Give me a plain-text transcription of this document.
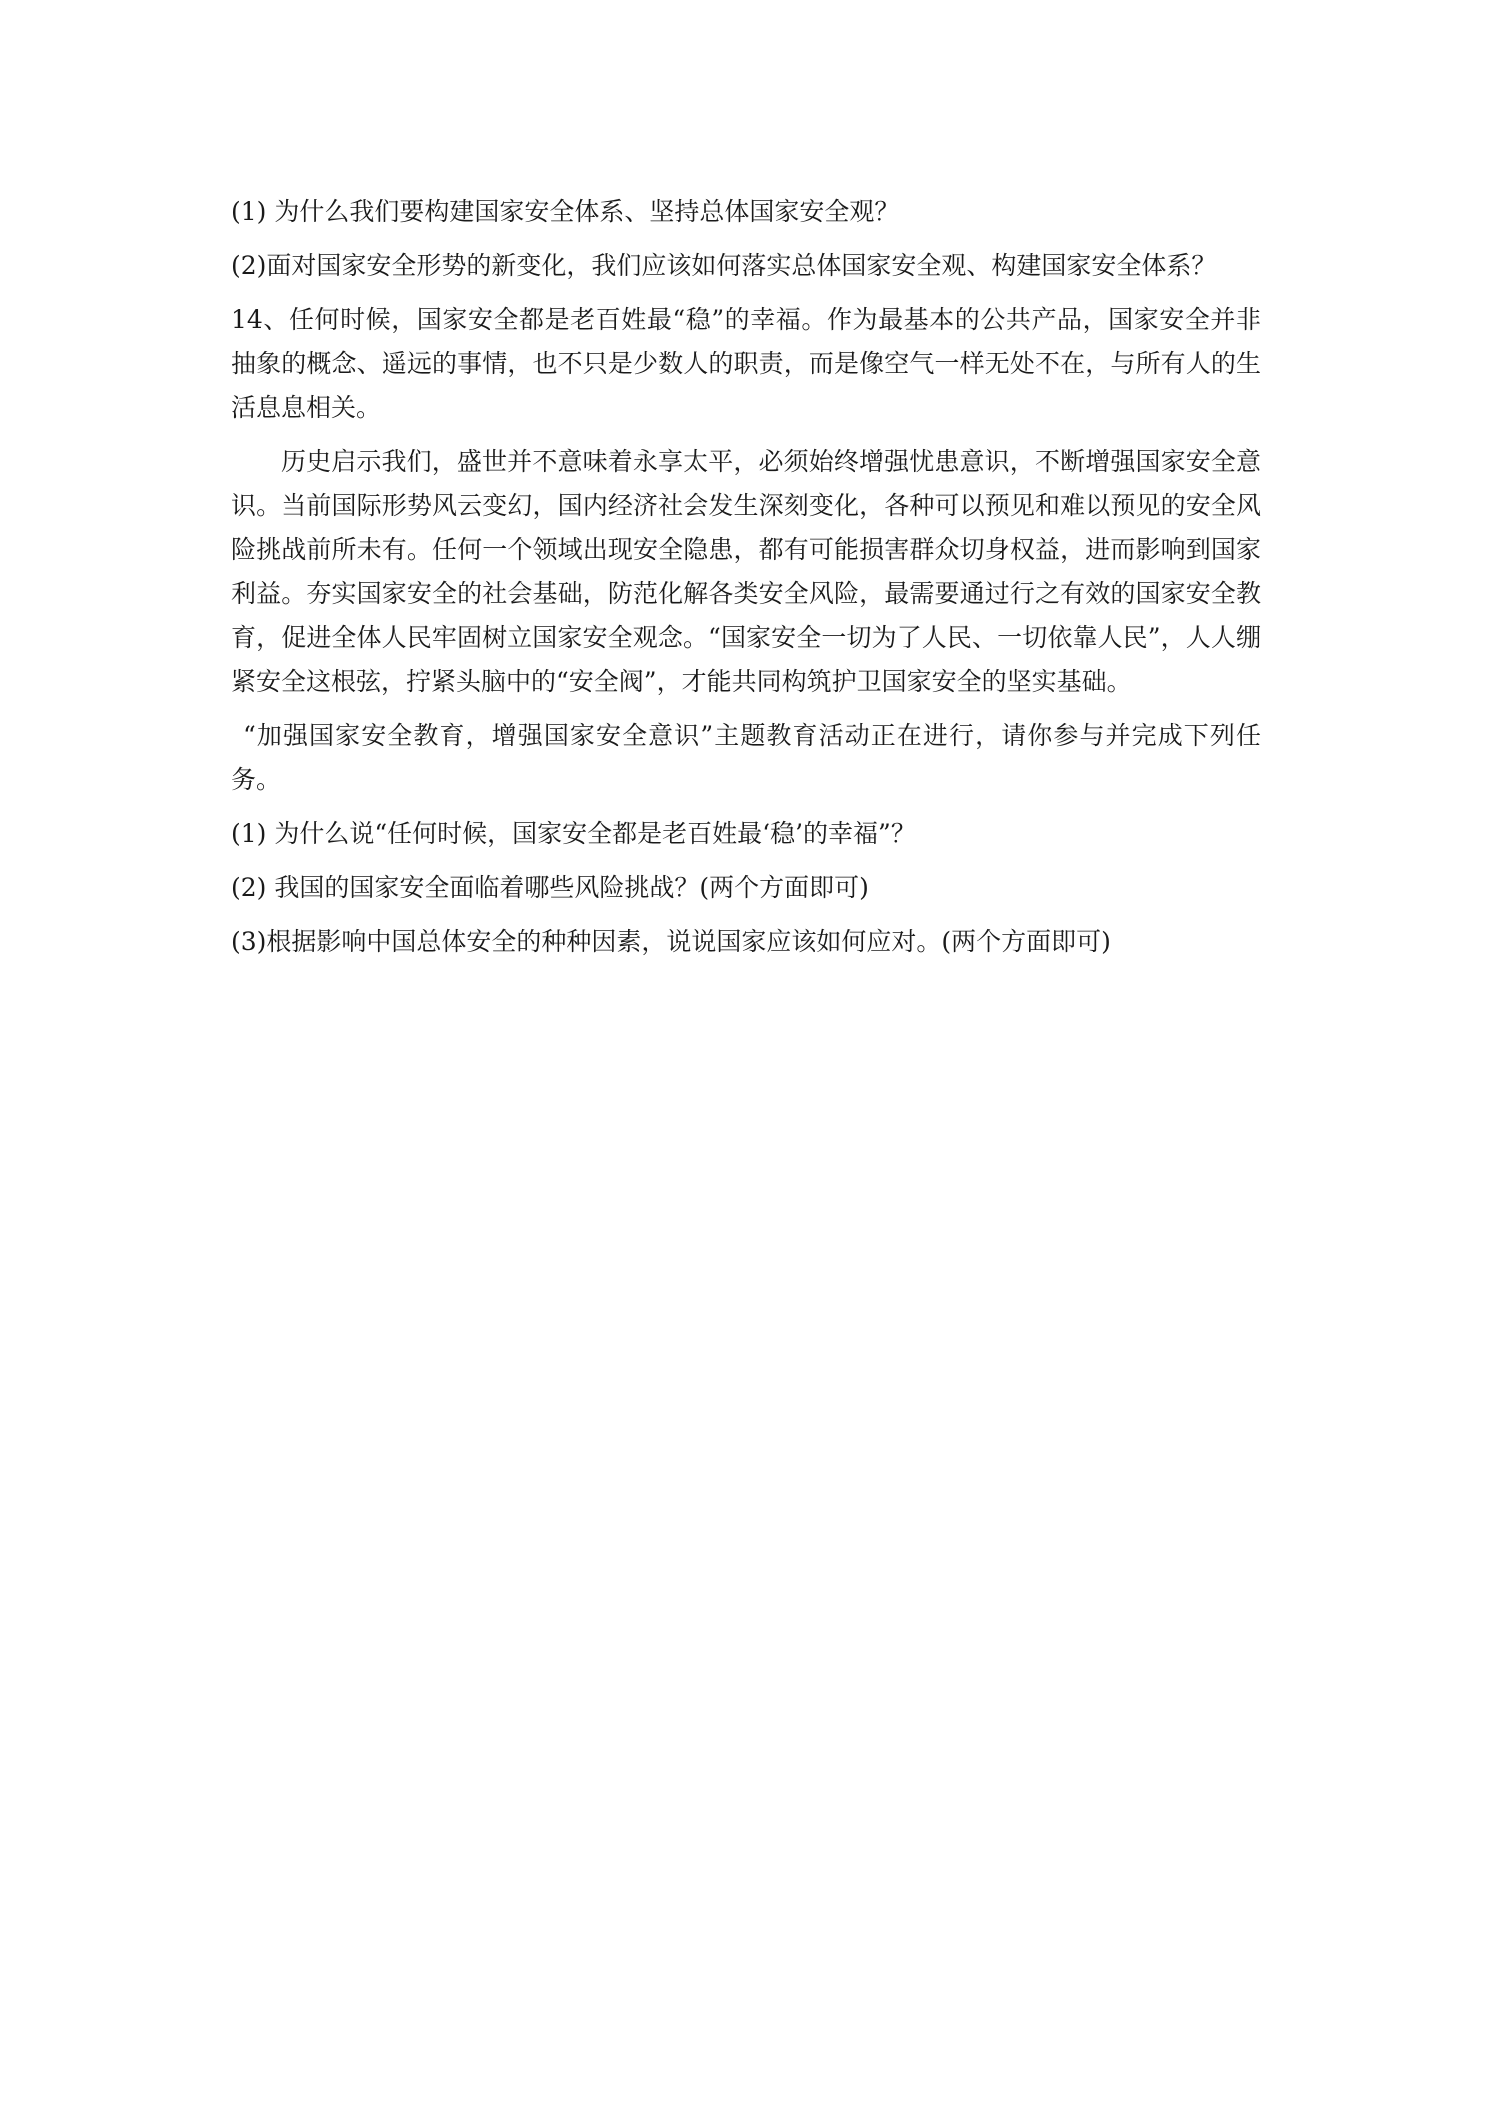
(1) 为什么我们要构建国家安全体系、坚持总体国家安全观？

(2)面对国家安全形势的新变化，我们应该如何落实总体国家安全观、构建国家安全体系？

14、任何时候，国家安全都是老百姓最“稳”的幸福。作为最基本的公共产品，国家安全并非抽象的概念、遥远的事情，也不只是少数人的职责，而是像空气一样无处不在，与所有人的生活息息相关。

历史启示我们，盛世并不意味着永享太平，必须始终增强忧患意识，不断增强国家安全意识。当前国际形势风云变幻，国内经济社会发生深刻变化，各种可以预见和难以预见的安全风险挑战前所未有。任何一个领域出现安全隐患，都有可能损害群众切身权益，进而影响到国家利益。夯实国家安全的社会基础，防范化解各类安全风险，最需要通过行之有效的国家安全教育，促进全体人民牢固树立国家安全观念。“国家安全一切为了人民、一切依靠人民”，人人绷紧安全这根弦，拧紧头脑中的“安全阀”，才能共同构筑护卫国家安全的坚实基础。

“加强国家安全教育，增强国家安全意识”主题教育活动正在进行，请你参与并完成下列任务。

(1) 为什么说“任何时候，国家安全都是老百姓最‘稳’的幸福”？

(2) 我国的国家安全面临着哪些风险挑战？(两个方面即可)

(3)根据影响中国总体安全的种种因素，说说国家应该如何应对。(两个方面即可)
